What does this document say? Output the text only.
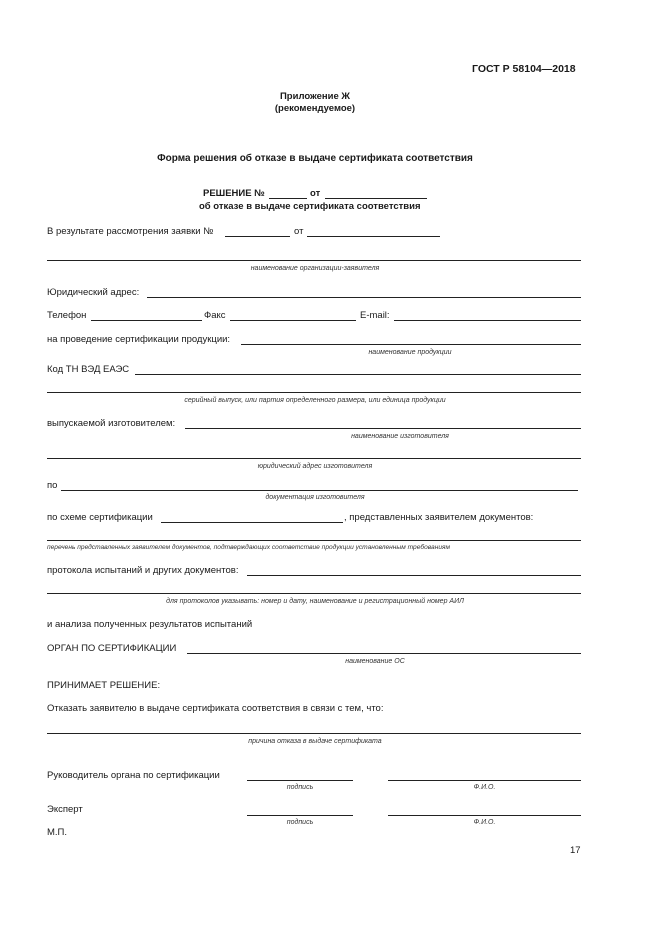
ГОСТ Р 58104—2018
Приложение Ж
(рекомендуемое)
Форма решения об отказе в выдаче сертификата соответствия
РЕШЕНИЕ №	от
об отказе в выдаче сертификата соответствия
В результате рассмотрения заявки №	от
наименование организации-заявителя
Юридический адрес:
Телефон	Факс	E-mail:
на проведение сертификации продукции:
наименование продукции
Код ТН ВЭД ЕАЭС
серийный выпуск, или партия определенного размера, или единица продукции
выпускаемой изготовителем:
наименование изготовителя
юридический адрес изготовителя
по
документация изготовителя
по схеме сертификации	, представленных заявителем документов:
перечень представленных заявителем документов, подтверждающих соответствие продукции установленным требованиям
протокола испытаний и других документов:
для протоколов указывать: номер и дату, наименование и регистрационный номер АИЛ
и анализа полученных результатов испытаний
ОРГАН ПО СЕРТИФИКАЦИИ
наименование ОС
ПРИНИМАЕТ РЕШЕНИЕ:
Отказать заявителю в выдаче сертификата соответствия в связи с тем, что:
причина отказа в выдаче сертификата
Руководитель органа по сертификации
подпись	Ф.И.О.
Эксперт
подпись	Ф.И.О.
М.П.
17
